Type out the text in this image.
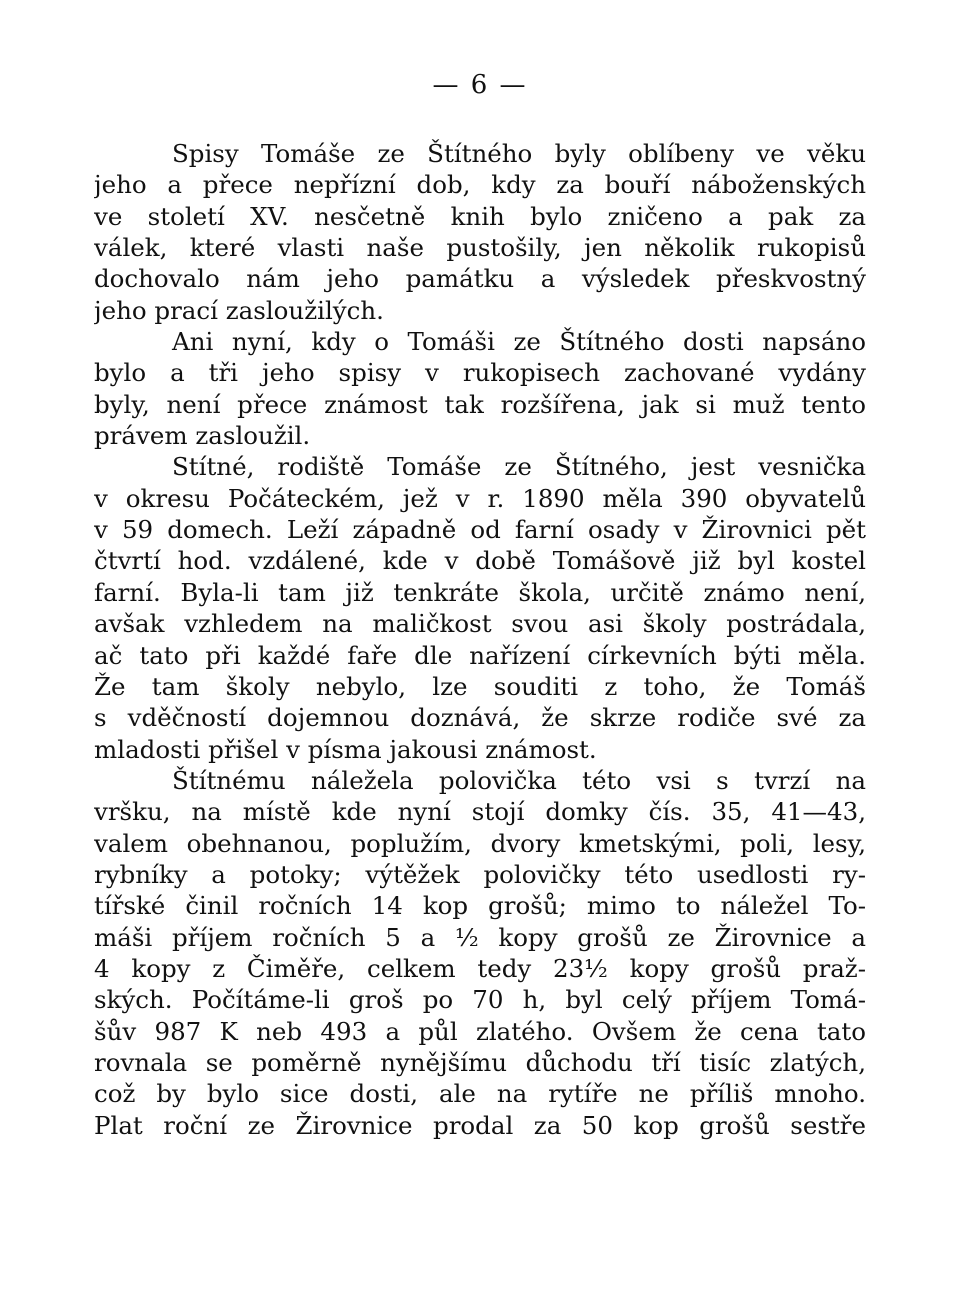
— 6 —
Spisy Tomáše ze Štítného byly oblíbeny ve věku
jeho a přece nepřízní dob, kdy za bouří náboženských
ve století XV. nesčetně knih bylo zničeno a pak za
válek, které vlasti naše pustošily, jen několik rukopisů
dochovalo nám jeho památku a výsledek přeskvostný
jeho prací zasloužilých.
Ani nyní, kdy o Tomáši ze Štítného dosti napsáno
bylo a tři jeho spisy v rukopisech zachované vydány
byly, není přece známost tak rozšířena, jak si muž tento
právem zasloužil.
Stítné, rodiště Tomáše ze Štítného, jest vesnička
v okresu Počáteckém, jež v r. 1890 měla 390 obyvatelů
v 59 domech. Leží západně od farní osady v Žirovnici pět
čtvrtí hod. vzdálené, kde v době Tomášově již byl kostel
farní. Byla-li tam již tenkráte škola, určitě známo není,
avšak vzhledem na maličkost svou asi školy postrádala,
ač tato při každé faře dle nařízení církevních býti měla.
Že tam školy nebylo, lze souditi z toho, že Tomáš
s vděčností dojemnou doznává, že skrze rodiče své za
mladosti přišel v písma jakousi známost.
Štítnému náležela polovička této vsi s tvrzí na
vršku, na místě kde nyní stojí domky čís. 35, 41—43,
valem obehnanou, poplužím, dvory kmetskými, poli, lesy,
rybníky a potoky; výtěžek polovičky této usedlosti ry-
tířské činil ročních 14 kop grošů; mimo to náležel To-
máši příjem ročních 5 a ½ kopy grošů ze Žirovnice a
4 kopy z Čiměře, celkem tedy 23½ kopy grošů praž-
ských. Počítáme-li groš po 70 h, byl celý příjem Tomá-
šův 987 K neb 493 a půl zlatého. Ovšem že cena tato
rovnala se poměrně nynějšímu důchodu tří tisíc zlatých,
což by bylo sice dosti, ale na rytíře ne příliš mnoho.
Plat roční ze Žirovnice prodal za 50 kop grošů sestře
